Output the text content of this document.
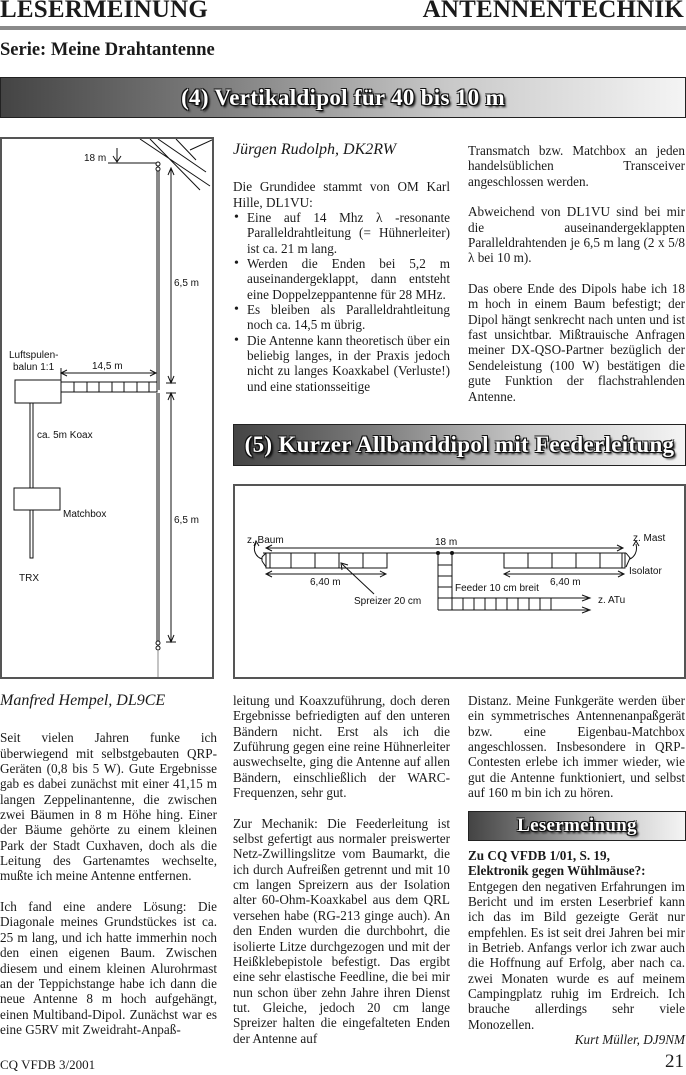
LESERMEINUNG	ANTENNENTECHNIK
Serie: Meine Drahtantenne
(4) Vertikaldipol für 40 bis 10 m
18 m
6,5 m
6,5 m
Luftspulen-
balun 1:1	14,5 m
ca. 5m Koax
Matchbox
TRX

Jürgen Rudolph, DK2RW

Die Grundidee stammt von OM Karl Hille, DL1VU:

• Eine auf 14 Mhz λ -resonante Paralleldrahtleitung (= Hühnerleiter) ist ca. 21 m lang.
• Werden die Enden bei 5,2 m auseinandergeklappt, dann entsteht eine Doppelzeppantenne für 28 MHz.
• Es bleiben als Paralleldrahtleitung noch ca. 14,5 m übrig.
• Die Antenne kann theoretisch über ein beliebig langes, in der Praxis jedoch nicht zu langes Koaxkabel (Verluste!) und eine stationsseitige

Transmatch bzw. Matchbox an jeden handelsüblichen Transceiver angeschlossen werden.

Abweichend von DL1VU sind bei mir die auseinandergeklappten Paralleldrahtenden je 6,5 m lang (2 x 5/8 λ bei 10 m).

Das obere Ende des Dipols habe ich 18 m hoch in einem Baum befestigt; der Dipol hängt senkrecht nach unten und ist fast unsichtbar. Mißtrauische Anfragen meiner DX-QSO-Partner bezüglich der Sendeleistung (100 W) bestätigen die gute Funktion der flachstrahlenden Antenne.

(5) Kurzer Allbanddipol mit Feederleitung
z. Baum	18 m	z. Mast
6,40 m	6,40 m
Isolator
Feeder 10 cm breit
Spreizer 20 cm	z. ATu

Manfred Hempel, DL9CE

Seit vielen Jahren funke ich überwiegend mit selbstgebauten QRP-Geräten (0,8 bis 5 W). Gute Ergebnisse gab es dabei zunächst mit einer 41,15 m langen Zeppelinantenne, die zwischen zwei Bäumen in 8 m Höhe hing. Einer der Bäume gehörte zu einem kleinen Park der Stadt Cuxhaven, doch als die Leitung des Gartenamtes wechselte, mußte ich meine Antenne entfernen.

Ich fand eine andere Lösung: Die Diagonale meines Grundstückes ist ca. 25 m lang, und ich hatte immerhin noch den einen eigenen Baum. Zwischen diesem und einem kleinen Alurohrmast an der Teppichstange habe ich dann die neue Antenne 8 m hoch aufgehängt, einen Multiband-Dipol. Zunächst war es eine G5RV mit Zweidraht-Anpaß-

leitung und Koaxzuführung, doch deren Ergebnisse befriedigten auf den unteren Bändern nicht. Erst als ich die Zuführung gegen eine reine Hühnerleiter auswechselte, ging die Antenne auf allen Bändern, einschließlich der WARC-Frequenzen, sehr gut.

Zur Mechanik: Die Feederleitung ist selbst gefertigt aus normaler preiswerter Netz-Zwillingslitze vom Baumarkt, die ich durch Aufreißen getrennt und mit 10 cm langen Spreizern aus der Isolation alter 60-Ohm-Koaxkabel aus dem QRL versehen habe (RG-213 ginge auch). An den Enden wurden die durchbohrt, die isolierte Litze durchgezogen und mit der Heißklebepistole befestigt. Das ergibt eine sehr elastische Feedline, die bei mir nun schon über zehn Jahre ihren Dienst tut. Gleiche, jedoch 20 cm lange Spreizer halten die eingefalteten Enden der Antenne auf

Distanz. Meine Funkgeräte werden über ein symmetrisches Antennenanpaßgerät bzw. eine Eigenbau-Matchbox angeschlossen. Insbesondere in QRP-Contesten erlebe ich immer wieder, wie gut die Antenne funktioniert, und selbst auf 160 m bin ich zu hören.

Lesermeinung
Zu CQ VFDB 1/01, S. 19,
Elektronik gegen Wühlmäuse?:
Entgegen den negativen Erfahrungen im Bericht und im ersten Leserbrief kann ich das im Bild gezeigte Gerät nur empfehlen. Es ist seit drei Jahren bei mir in Betrieb. Anfangs verlor ich zwar auch die Hoffnung auf Erfolg, aber nach ca. zwei Monaten wurde es auf meinem Campingplatz ruhig im Erdreich. Ich brauche allerdings sehr viele Monozellen.
Kurt Müller, DJ9NM
CQ VFDB 3/2001	21
